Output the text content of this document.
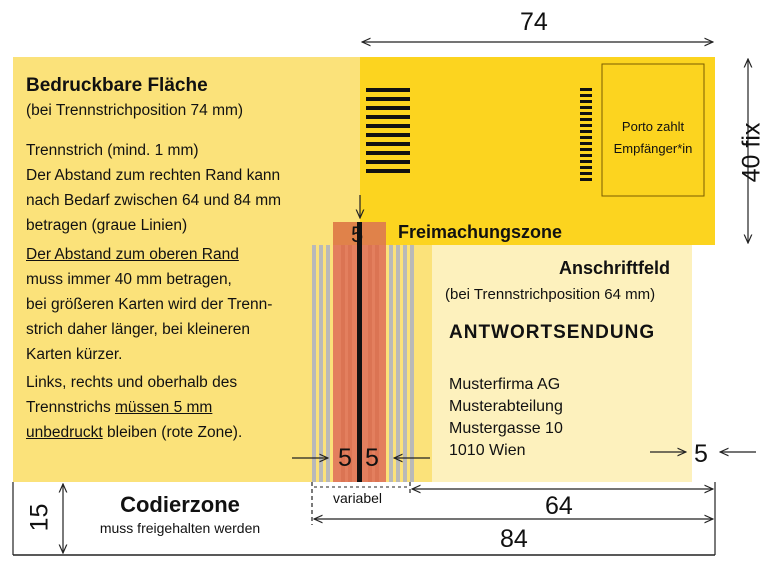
74
40 fix
15
variabel	64
84
5
5 5	5
Bedruckbare Fläche
(bei Trennstrichposition 74 mm)
Trennstrich (mind. 1 mm)
Der Abstand zum rechten Rand kann
nach Bedarf zwischen 64 und 84 mm
betragen (graue Linien)
Der Abstand zum oberen Rand
muss immer 40 mm betragen,
bei größeren Karten wird der Trenn-
strich daher länger, bei kleineren
Karten kürzer.
Links, rechts und oberhalb des
Trennstrichs müssen 5 mm
unbedruckt bleiben (rote Zone).
Freimachungszone
Porto zahlt
Empfänger*in
Anschriftfeld
(bei Trennstrichposition 64 mm)
ANTWORTSENDUNG
Musterfirma AG
Musterabteilung
Mustergasse 10
1010 Wien
Codierzone
muss freigehalten werden
